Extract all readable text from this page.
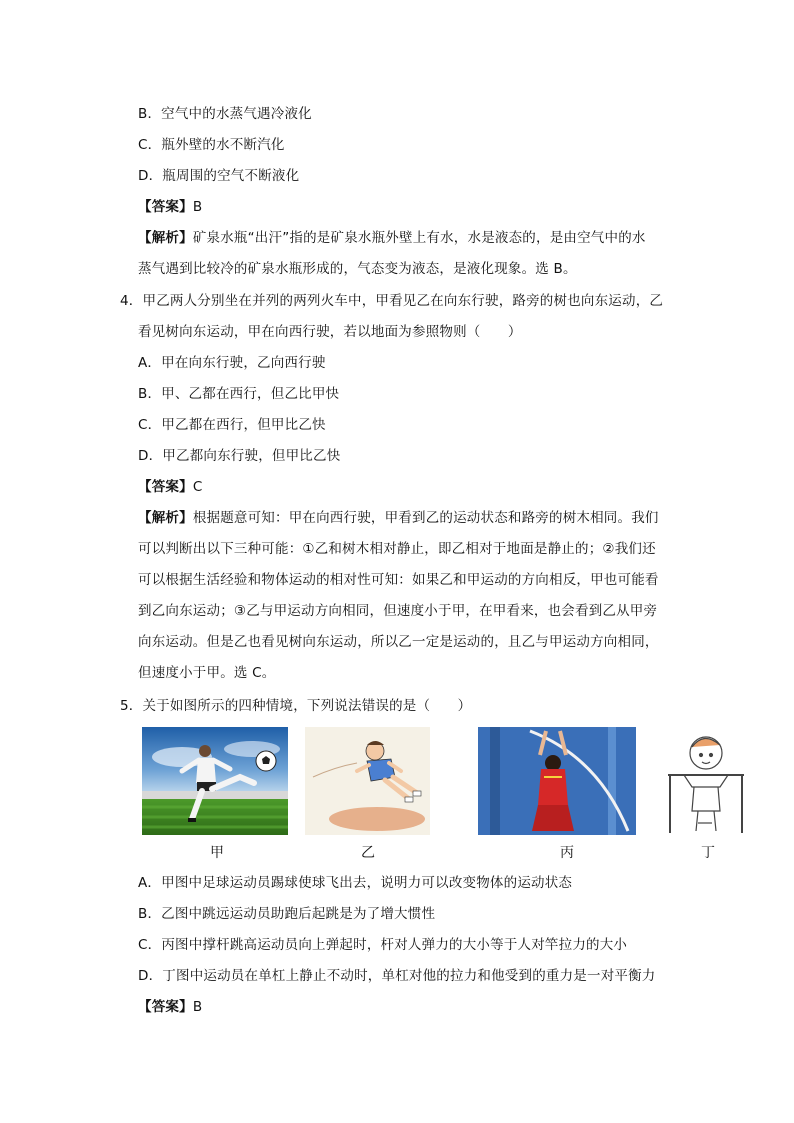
B．空气中的水蒸气遇冷液化
C．瓶外壁的水不断汽化
D．瓶周围的空气不断液化
【答案】B
【解析】矿泉水瓶“出汗”指的是矿泉水瓶外壁上有水，水是液态的，是由空气中的水
蒸气遇到比较冷的矿泉水瓶形成的，气态变为液态，是液化现象。选 B。
4．甲乙两人分别坐在并列的两列火车中，甲看见乙在向东行驶，路旁的树也向东运动，乙
看见树向东运动，甲在向西行驶，若以地面为参照物则（　　）
A．甲在向东行驶，乙向西行驶
B．甲、乙都在西行，但乙比甲快
C．甲乙都在西行，但甲比乙快
D．甲乙都向东行驶，但甲比乙快
【答案】C
【解析】根据题意可知：甲在向西行驶，甲看到乙的运动状态和路旁的树木相同。我们
可以判断出以下三种可能：①乙和树木相对静止，即乙相对于地面是静止的；②我们还
可以根据生活经验和物体运动的相对性可知：如果乙和甲运动的方向相反，甲也可能看
到乙向东运动；③乙与甲运动方向相同，但速度小于甲，在甲看来，也会看到乙从甲旁
向东运动。但是乙也看见树向东运动，所以乙一定是运动的，且乙与甲运动方向相同，
但速度小于甲。选 C。
5．关于如图所示的四种情境，下列说法错误的是（　　）
甲	乙	丙	丁
A．甲图中足球运动员踢球使球飞出去，说明力可以改变物体的运动状态
B．乙图中跳远运动员助跑后起跳是为了增大惯性
C．丙图中撑杆跳高运动员向上弹起时，杆对人弹力的大小等于人对竿拉力的大小
D．丁图中运动员在单杠上静止不动时，单杠对他的拉力和他受到的重力是一对平衡力
【答案】B
